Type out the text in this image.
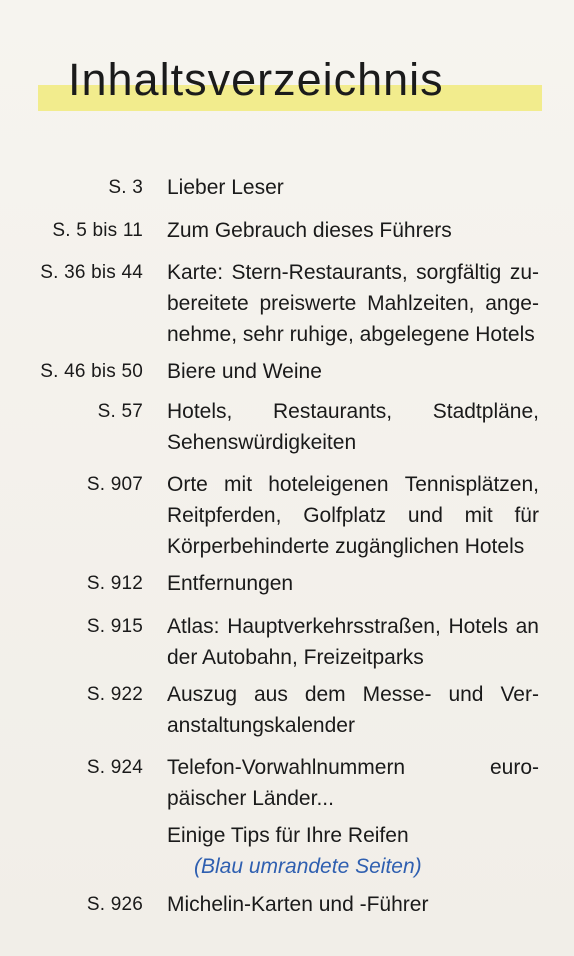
Inhaltsverzeichnis
S. 3 Lieber Leser
S. 5 bis 11 Zum Gebrauch dieses Führers
S. 36 bis 44 Karte: Stern-Restaurants, sorgfältig zu-
bereitete preiswerte Mahlzeiten, ange-
nehme, sehr ruhige, abgelegene Hotels
S. 46 bis 50 Biere und Weine
S. 57 Hotels, Restaurants, Stadtpläne,
Sehenswürdigkeiten
S. 907 Orte mit hoteleigenen Tennisplätzen,
Reitpferden, Golfplatz und mit für
Körperbehinderte zugänglichen Hotels
S. 912 Entfernungen
S. 915 Atlas: Hauptverkehrsstraßen, Hotels an
der Autobahn, Freizeitparks
S. 922 Auszug aus dem Messe- und Ver-
anstaltungskalender
S. 924 Telefon-Vorwahlnummern	euro-
päischer Länder...
Einige Tips für Ihre Reifen
(Blau umrandete Seiten)
S. 926 Michelin-Karten und -Führer
